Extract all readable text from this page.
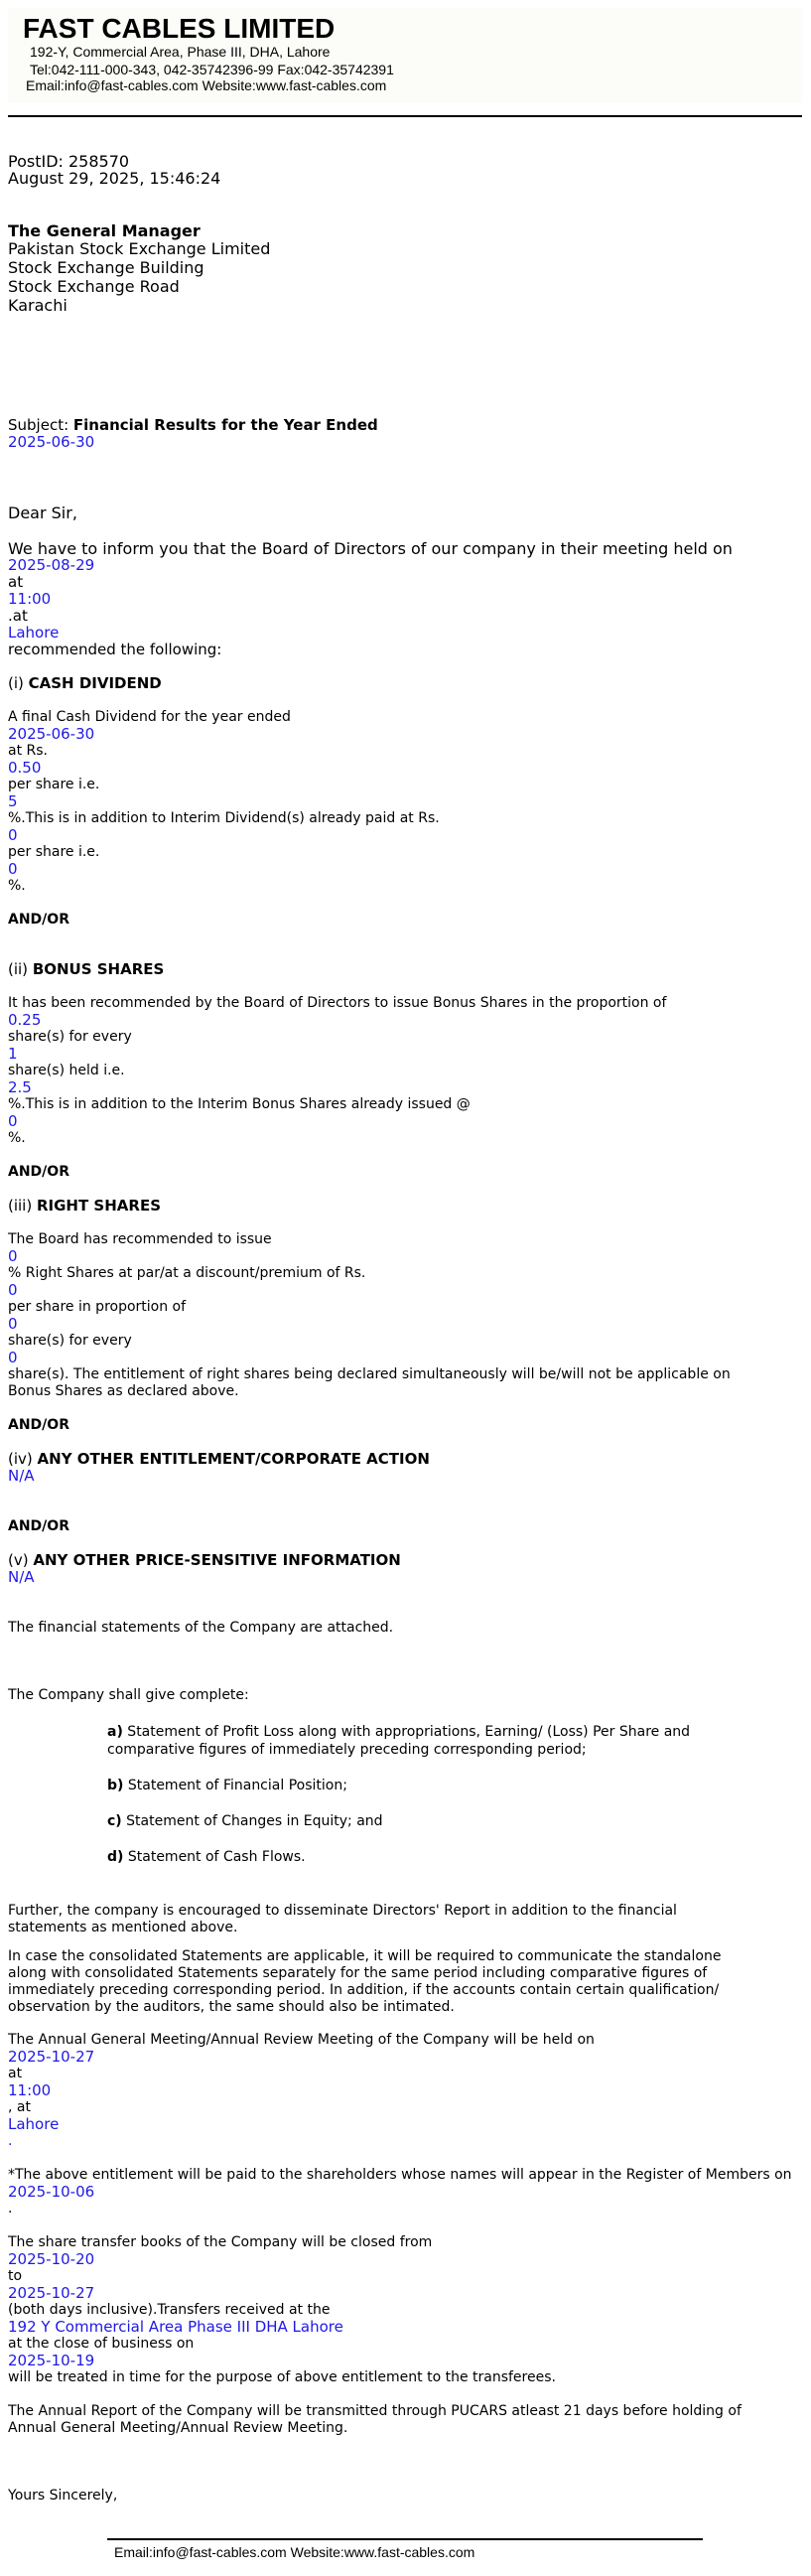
FAST CABLES LIMITED
192-Y, Commercial Area, Phase III, DHA, Lahore
Tel:042-111-000-343, 042-35742396-99 Fax:042-35742391
Email:info@fast-cables.com Website:www.fast-cables.com
PostID: 258570
August 29, 2025, 15:46:24
The General Manager
Pakistan Stock Exchange Limited
Stock Exchange Building
Stock Exchange Road
Karachi
Subject: Financial Results for the Year Ended
2025-06-30
Dear Sir,
We have to inform you that the Board of Directors of our company in their meeting held on
2025-08-29
at
11:00
.at
Lahore
recommended the following:
(i) CASH DIVIDEND
A final Cash Dividend for the year ended
2025-06-30
at Rs.
0.50
per share i.e.
5
%.This is in addition to Interim Dividend(s) already paid at Rs.
0
per share i.e.
0
%.
AND/OR
(ii) BONUS SHARES
It has been recommended by the Board of Directors to issue Bonus Shares in the proportion of
0.25
share(s) for every
1
share(s) held i.e.
2.5
%.This is in addition to the Interim Bonus Shares already issued @
0
%.
AND/OR
(iii) RIGHT SHARES
The Board has recommended to issue
0
% Right Shares at par/at a discount/premium of Rs.
0
per share in proportion of
0
share(s) for every
0
share(s). The entitlement of right shares being declared simultaneously will be/will not be applicable on Bonus Shares as declared above.
AND/OR
(iv) ANY OTHER ENTITLEMENT/CORPORATE ACTION
N/A
AND/OR
(v) ANY OTHER PRICE-SENSITIVE INFORMATION
N/A
The financial statements of the Company are attached.
The Company shall give complete:
a) Statement of Profit Loss along with appropriations, Earning/ (Loss) Per Share and comparative figures of immediately preceding corresponding period;
b) Statement of Financial Position;
c) Statement of Changes in Equity; and
d) Statement of Cash Flows.
Further, the company is encouraged to disseminate Directors' Report in addition to the financial statements as mentioned above.
In case the consolidated Statements are applicable, it will be required to communicate the standalone along with consolidated Statements separately for the same period including comparative figures of immediately preceding corresponding period. In addition, if the accounts contain certain qualification/ observation by the auditors, the same should also be intimated.
The Annual General Meeting/Annual Review Meeting of the Company will be held on
2025-10-27
at
11:00
, at
Lahore
.
*The above entitlement will be paid to the shareholders whose names will appear in the Register of Members on
2025-10-06
.
The share transfer books of the Company will be closed from
2025-10-20
to
2025-10-27
(both days inclusive).Transfers received at the
192 Y Commercial Area Phase III DHA Lahore
at the close of business on
2025-10-19
will be treated in time for the purpose of above entitlement to the transferees.
The Annual Report of the Company will be transmitted through PUCARS atleast 21 days before holding of Annual General Meeting/Annual Review Meeting.
Yours Sincerely,
Email:info@fast-cables.com Website:www.fast-cables.com
